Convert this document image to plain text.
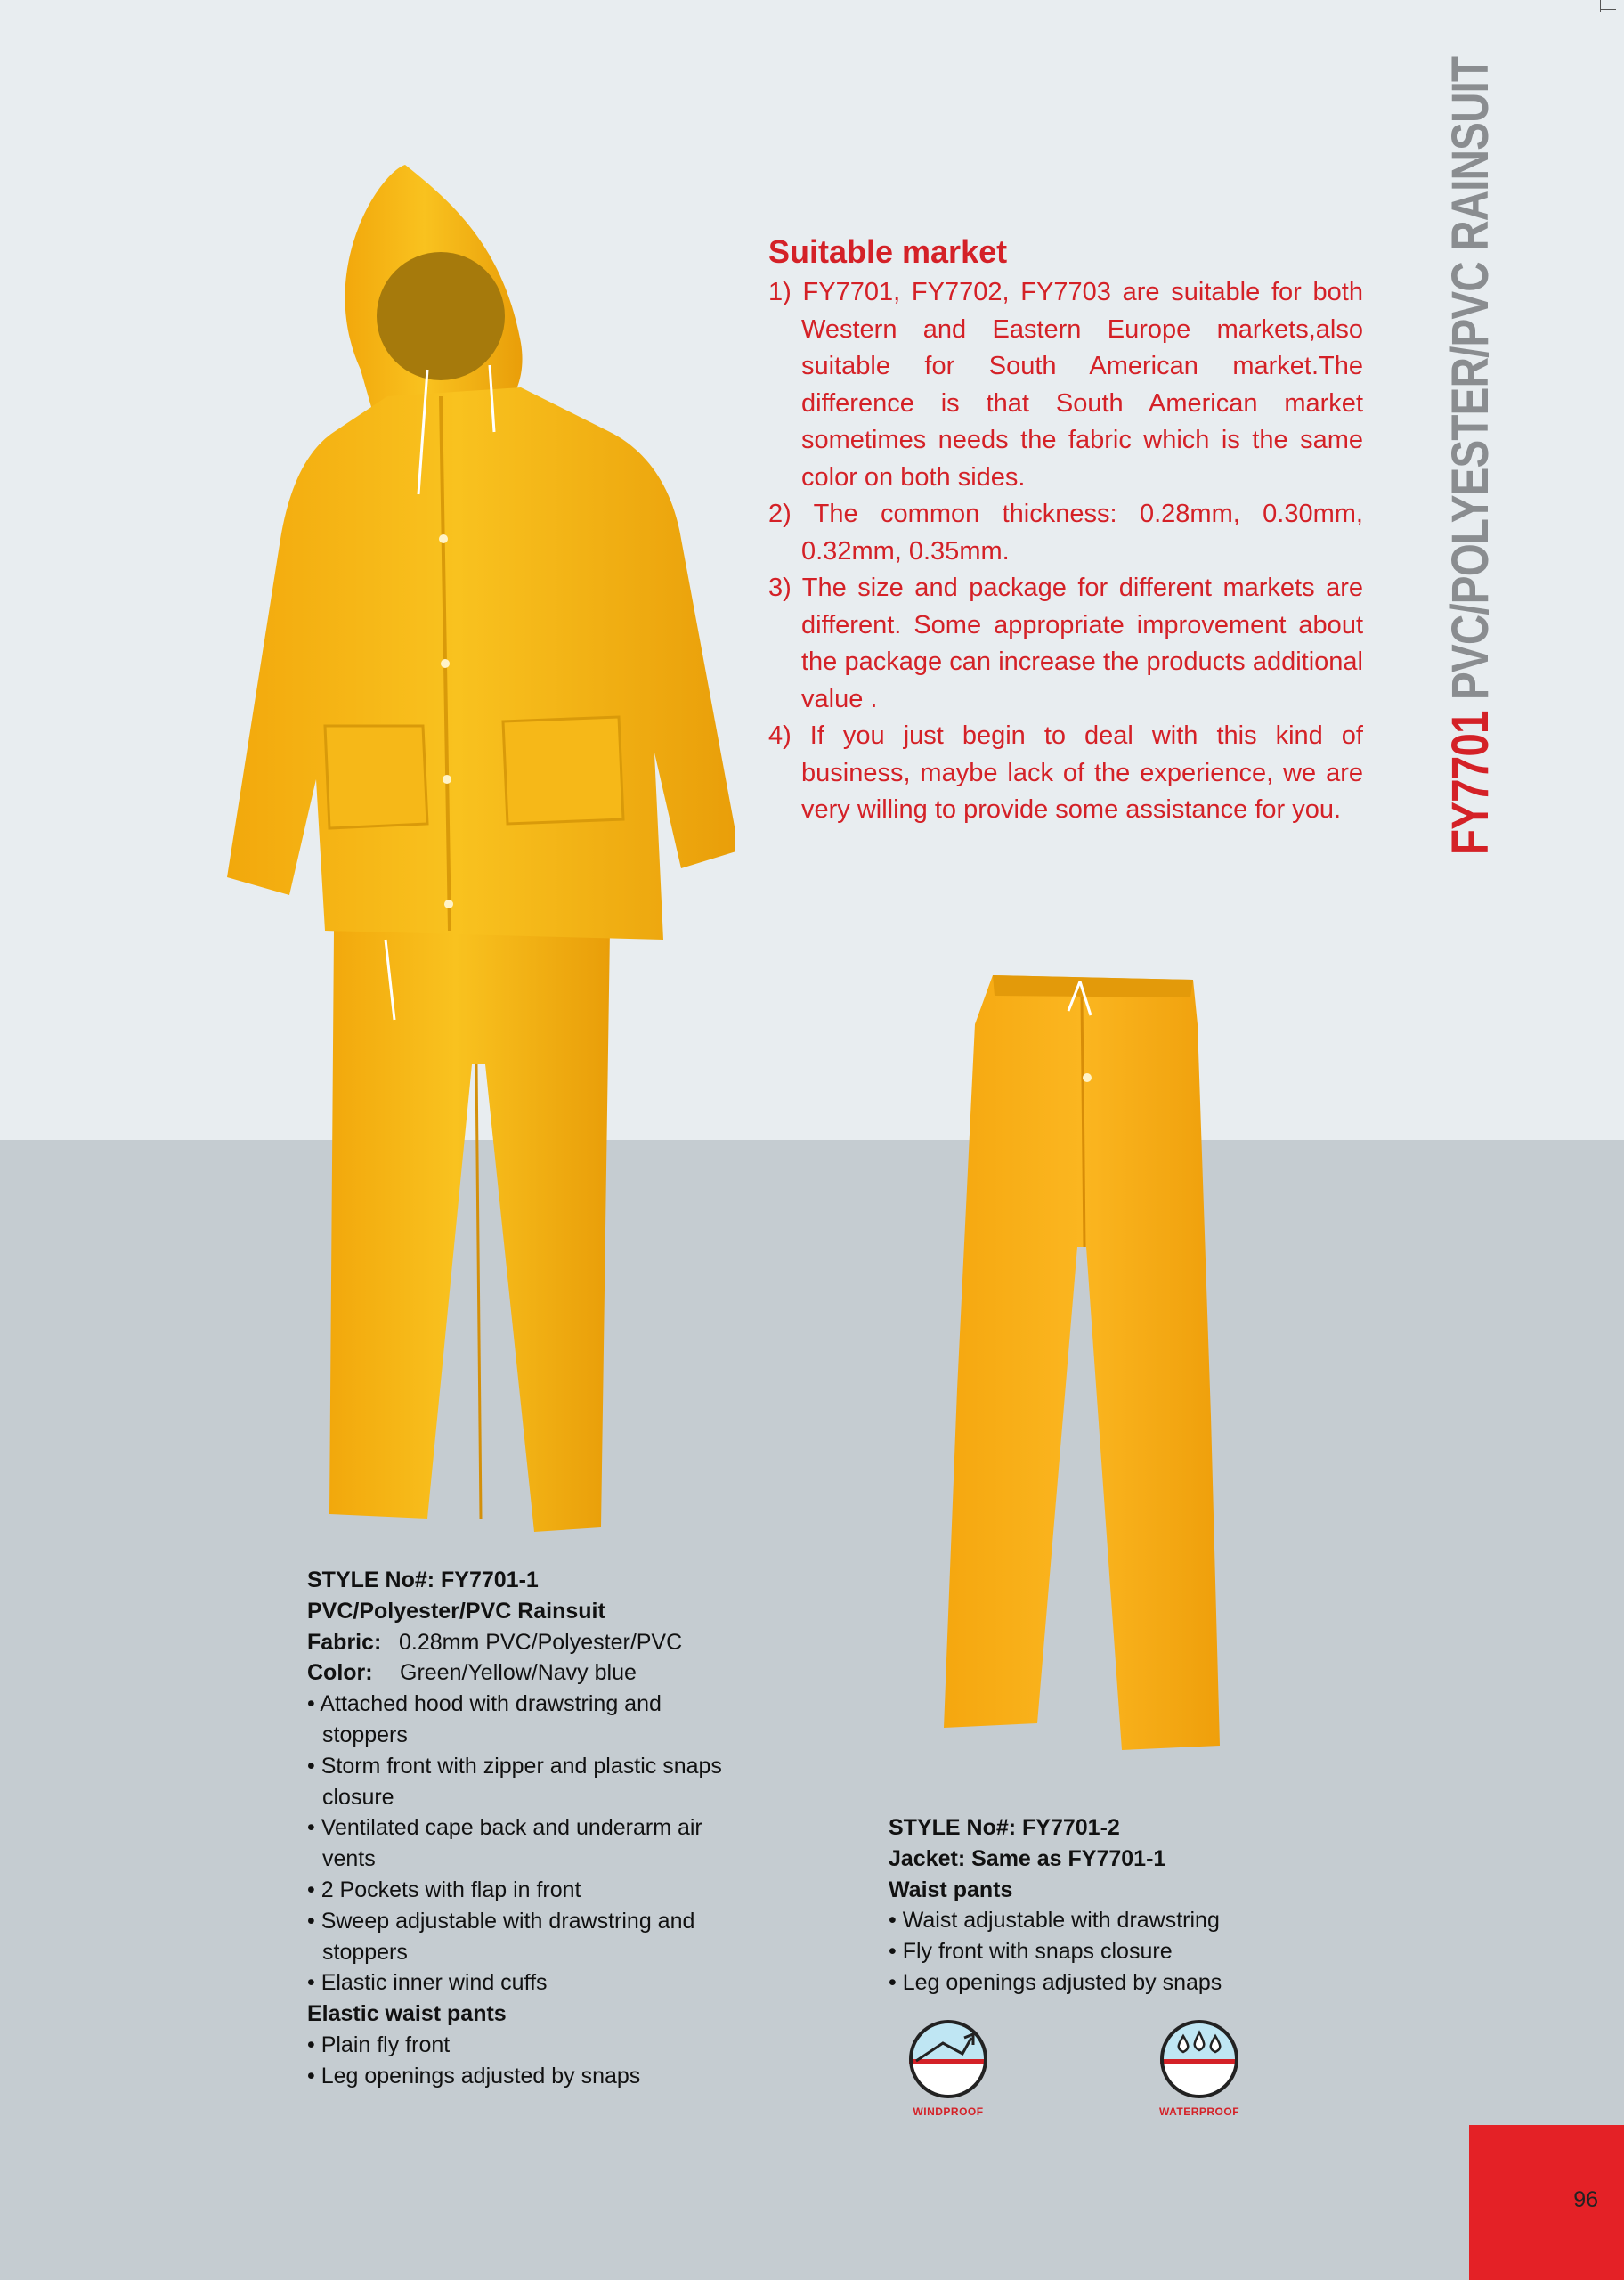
FY7701 PVC/POLYESTER/PVC RAINSUIT
Suitable market

1) FY7701, FY7702, FY7703 are suitable for both Western and Eastern Europe markets,also suitable for South American market.The difference is that South American market sometimes needs the fabric which is the same color on both sides.

2) The common thickness: 0.28mm, 0.30mm, 0.32mm, 0.35mm.

3) The size and package for different markets are different. Some appropriate improvement about the package can increase the products additional value .

4) If you just begin to deal with this kind of business, maybe lack of the experience, we are very willing to provide some assistance for you.

STYLE No#: FY7701-1
PVC/Polyester/PVC Rainsuit
Fabric: 0.28mm PVC/Polyester/PVC
Color: Green/Yellow/Navy blue
• Attached hood with drawstring and stoppers
• Storm front with zipper and plastic snaps closure
• Ventilated cape back and underarm air vents
• 2 Pockets with flap in front
• Sweep adjustable with drawstring and stoppers
• Elastic inner wind cuffs
Elastic waist pants
• Plain fly front
• Leg openings adjusted by snaps
STYLE No#: FY7701-2
Jacket: Same as FY7701-1
Waist pants
• Waist adjustable with drawstring
• Fly front with snaps closure
• Leg openings adjusted by snaps
WINDPROOF	WATERPROOF
96
